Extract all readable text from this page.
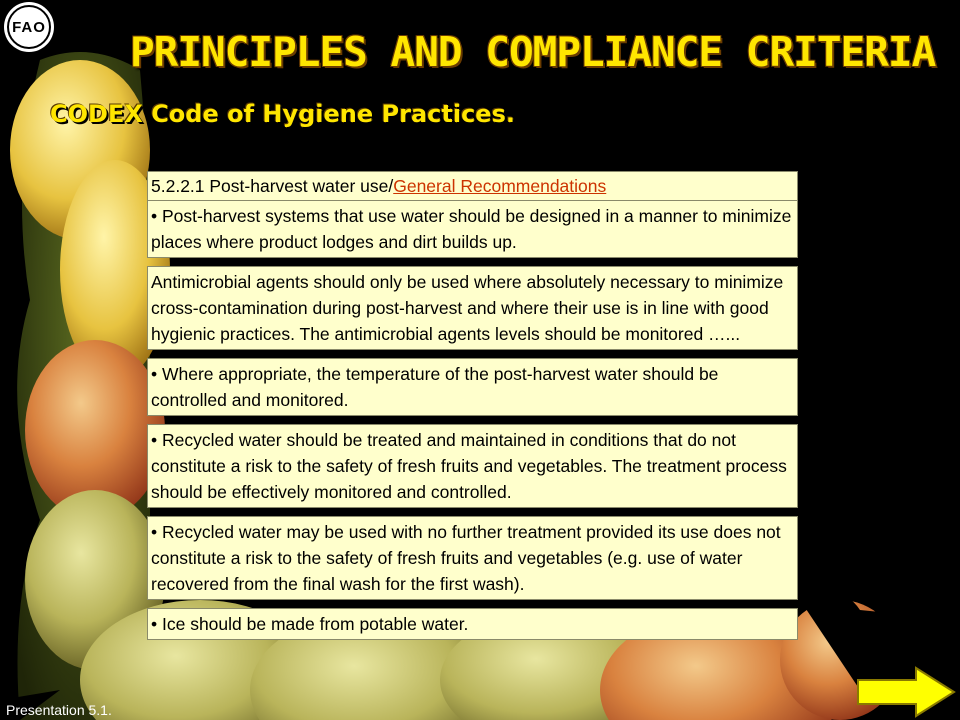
FAO
PRINCIPLES AND COMPLIANCE CRITERIA
CODEX Code of Hygiene Practices.
5.2.2.1 Post-harvest water use/General Recommendations
• Post-harvest systems that use water should be designed in a manner to minimize places where product lodges and dirt builds up.
Antimicrobial agents should only be used where absolutely necessary to minimize cross-contamination during post-harvest and where their use is in line with good hygienic practices. The antimicrobial agents levels should be monitored …...
• Where appropriate, the temperature of the post-harvest water should be controlled and monitored.
• Recycled water should be treated and maintained in conditions that do not constitute a risk to the safety of fresh fruits and vegetables. The treatment process should be effectively monitored and controlled.
• Recycled water may be used with no further treatment provided its use does not constitute a risk to the safety of fresh fruits and vegetables (e.g. use of water recovered from the final wash for the first wash).
• Ice should be made from potable water.
Presentation 5.1.
